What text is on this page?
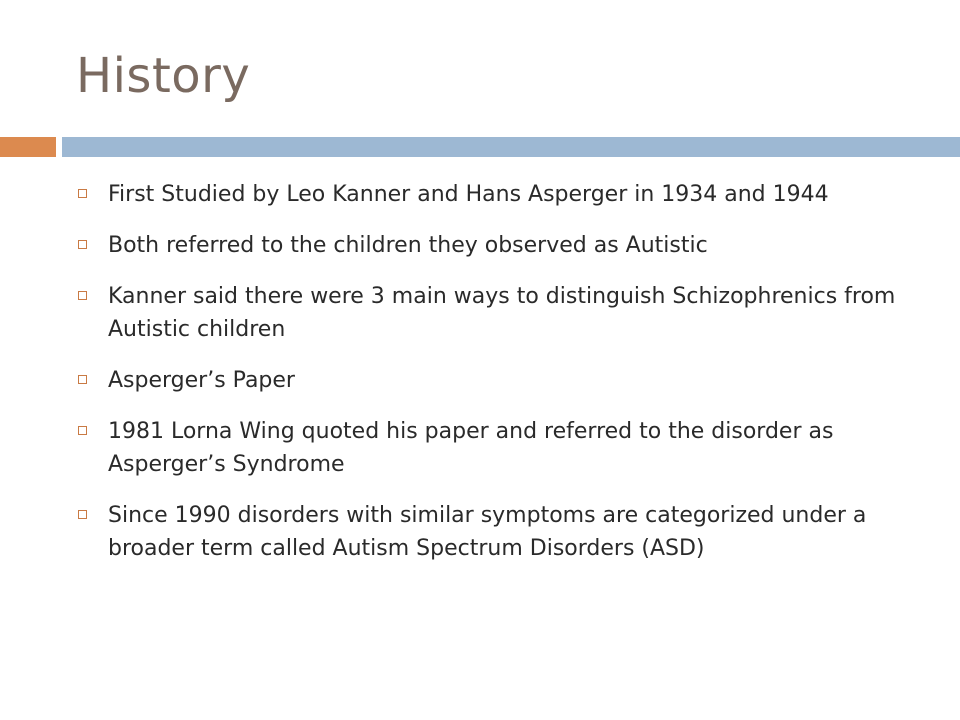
History
First Studied by Leo Kanner and Hans Asperger in 1934 and 1944
Both referred to the children they observed as Autistic
Kanner said there were 3 main ways to distinguish Schizophrenics from Autistic children
Asperger’s Paper
1981 Lorna Wing quoted his paper and referred to the disorder as Asperger’s Syndrome
Since 1990 disorders with similar symptoms are categorized under a broader term called Autism Spectrum Disorders (ASD)
